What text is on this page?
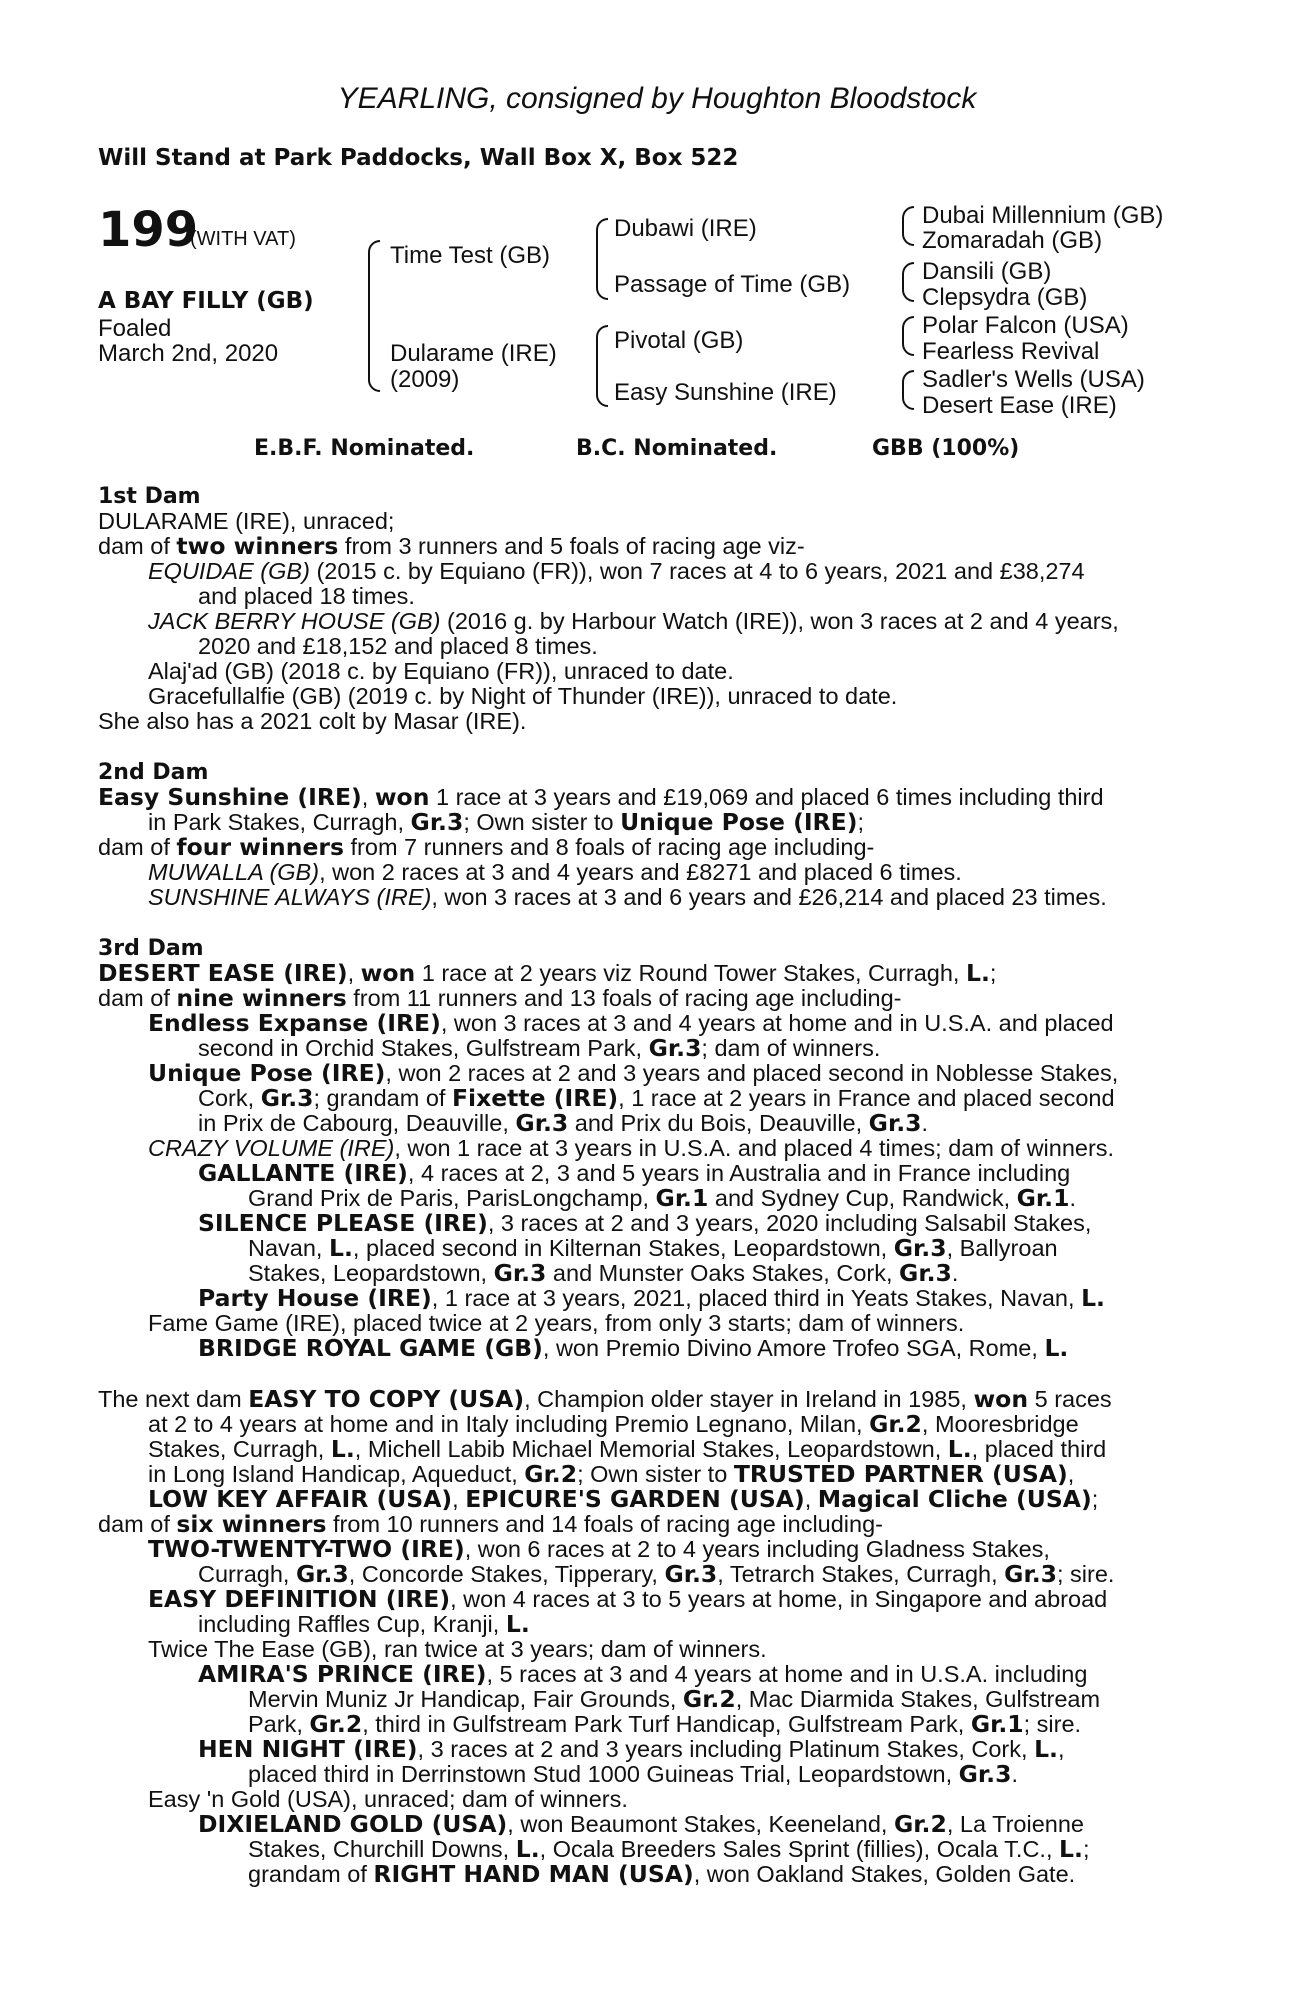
YEARLING, consigned by Houghton Bloodstock
Will Stand at Park Paddocks, Wall Box X, Box 522
199
(WITH VAT)
A BAY FILLY (GB)
Foaled
March 2nd, 2020
Time Test (GB)
Dularame (IRE)
(2009)
Dubawi (IRE)
Passage of Time (GB)
Pivotal (GB)
Easy Sunshine (IRE)
Dubai Millennium (GB)
Zomaradah (GB)
Dansili (GB)
Clepsydra (GB)
Polar Falcon (USA)
Fearless Revival
Sadler's Wells (USA)
Desert Ease (IRE)
E.B.F. Nominated.	B.C. Nominated.	GBB (100%)
1st Dam
DULARAME (IRE), unraced;
dam of two winners from 3 runners and 5 foals of racing age viz-
EQUIDAE (GB) (2015 c. by Equiano (FR)), won 7 races at 4 to 6 years, 2021 and £38,274
and placed 18 times.
JACK BERRY HOUSE (GB) (2016 g. by Harbour Watch (IRE)), won 3 races at 2 and 4 years,
2020 and £18,152 and placed 8 times.
Alaj'ad (GB) (2018 c. by Equiano (FR)), unraced to date.
Gracefullalfie (GB) (2019 c. by Night of Thunder (IRE)), unraced to date.
She also has a 2021 colt by Masar (IRE).
2nd Dam
Easy Sunshine (IRE), won 1 race at 3 years and £19,069 and placed 6 times including third
in Park Stakes, Curragh, Gr.3; Own sister to Unique Pose (IRE);
dam of four winners from 7 runners and 8 foals of racing age including-
MUWALLA (GB), won 2 races at 3 and 4 years and £8271 and placed 6 times.
SUNSHINE ALWAYS (IRE), won 3 races at 3 and 6 years and £26,214 and placed 23 times.
3rd Dam
DESERT EASE (IRE), won 1 race at 2 years viz Round Tower Stakes, Curragh, L.;
dam of nine winners from 11 runners and 13 foals of racing age including-
Endless Expanse (IRE), won 3 races at 3 and 4 years at home and in U.S.A. and placed
second in Orchid Stakes, Gulfstream Park, Gr.3; dam of winners.
Unique Pose (IRE), won 2 races at 2 and 3 years and placed second in Noblesse Stakes,
Cork, Gr.3; grandam of Fixette (IRE), 1 race at 2 years in France and placed second
in Prix de Cabourg, Deauville, Gr.3 and Prix du Bois, Deauville, Gr.3.
CRAZY VOLUME (IRE), won 1 race at 3 years in U.S.A. and placed 4 times; dam of winners.
GALLANTE (IRE), 4 races at 2, 3 and 5 years in Australia and in France including
Grand Prix de Paris, ParisLongchamp, Gr.1 and Sydney Cup, Randwick, Gr.1.
SILENCE PLEASE (IRE), 3 races at 2 and 3 years, 2020 including Salsabil Stakes,
Navan, L., placed second in Kilternan Stakes, Leopardstown, Gr.3, Ballyroan
Stakes, Leopardstown, Gr.3 and Munster Oaks Stakes, Cork, Gr.3.
Party House (IRE), 1 race at 3 years, 2021, placed third in Yeats Stakes, Navan, L.
Fame Game (IRE), placed twice at 2 years, from only 3 starts; dam of winners.
BRIDGE ROYAL GAME (GB), won Premio Divino Amore Trofeo SGA, Rome, L.
The next dam EASY TO COPY (USA), Champion older stayer in Ireland in 1985, won 5 races
at 2 to 4 years at home and in Italy including Premio Legnano, Milan, Gr.2, Mooresbridge
Stakes, Curragh, L., Michell Labib Michael Memorial Stakes, Leopardstown, L., placed third
in Long Island Handicap, Aqueduct, Gr.2; Own sister to TRUSTED PARTNER (USA),
LOW KEY AFFAIR (USA), EPICURE'S GARDEN (USA), Magical Cliche (USA);
dam of six winners from 10 runners and 14 foals of racing age including-
TWO-TWENTY-TWO (IRE), won 6 races at 2 to 4 years including Gladness Stakes,
Curragh, Gr.3, Concorde Stakes, Tipperary, Gr.3, Tetrarch Stakes, Curragh, Gr.3; sire.
EASY DEFINITION (IRE), won 4 races at 3 to 5 years at home, in Singapore and abroad
including Raffles Cup, Kranji, L.
Twice The Ease (GB), ran twice at 3 years; dam of winners.
AMIRA'S PRINCE (IRE), 5 races at 3 and 4 years at home and in U.S.A. including
Mervin Muniz Jr Handicap, Fair Grounds, Gr.2, Mac Diarmida Stakes, Gulfstream
Park, Gr.2, third in Gulfstream Park Turf Handicap, Gulfstream Park, Gr.1; sire.
HEN NIGHT (IRE), 3 races at 2 and 3 years including Platinum Stakes, Cork, L.,
placed third in Derrinstown Stud 1000 Guineas Trial, Leopardstown, Gr.3.
Easy 'n Gold (USA), unraced; dam of winners.
DIXIELAND GOLD (USA), won Beaumont Stakes, Keeneland, Gr.2, La Troienne
Stakes, Churchill Downs, L., Ocala Breeders Sales Sprint (fillies), Ocala T.C., L.;
grandam of RIGHT HAND MAN (USA), won Oakland Stakes, Golden Gate.
